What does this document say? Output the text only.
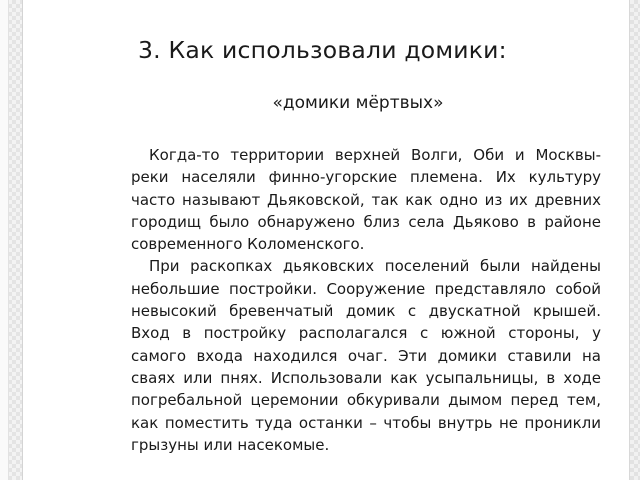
3. Как использовали домики:
«домики мёртвых»

Когда-то территории верхней Волги, Оби и Москвы-реки населяли финно-угорские племена. Их культуру часто называют Дьяковской, так как одно из их древних городищ было обнаружено близ села Дьяково в районе современного Коломенского.

При раскопках дьяковских поселений были найдены небольшие постройки. Сооружение представляло собой невысокий бревенчатый домик с двускатной крышей. Вход в постройку располагался с южной стороны, у самого входа находился очаг. Эти домики ставили на сваях или пнях. Использовали как усыпальницы, в ходе погребальной церемонии обкуривали дымом перед тем, как поместить туда останки – чтобы внутрь не проникли грызуны или насекомые.
